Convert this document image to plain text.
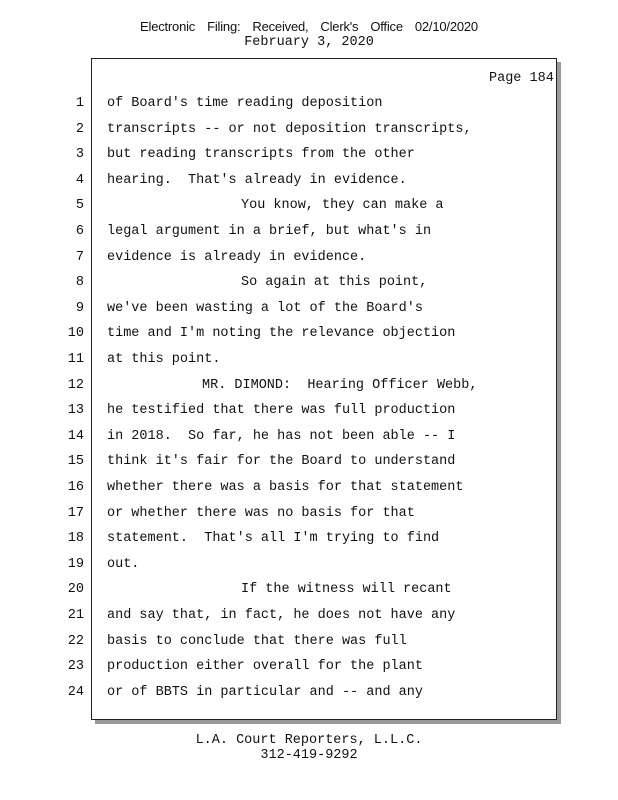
Electronic Filing: Received, Clerk's Office 02/10/2020
February 3, 2020
Page 184
1 of Board's time reading deposition
2 transcripts -- or not deposition transcripts,
3 but reading transcripts from the other
4 hearing.  That's already in evidence.
5	You know, they can make a
6 legal argument in a brief, but what's in
7 evidence is already in evidence.
8	So again at this point,
9 we've been wasting a lot of the Board's
10 time and I'm noting the relevance objection
11 at this point.
12	MR. DIMOND:  Hearing Officer Webb,
13 he testified that there was full production
14 in 2018.  So far, he has not been able -- I
15 think it's fair for the Board to understand
16 whether there was a basis for that statement
17 or whether there was no basis for that
18 statement.  That's all I'm trying to find
19 out.
20	If the witness will recant
21 and say that, in fact, he does not have any
22 basis to conclude that there was full
23 production either overall for the plant
24 or of BBTS in particular and -- and any
L.A. Court Reporters, L.L.C.
312-419-9292
